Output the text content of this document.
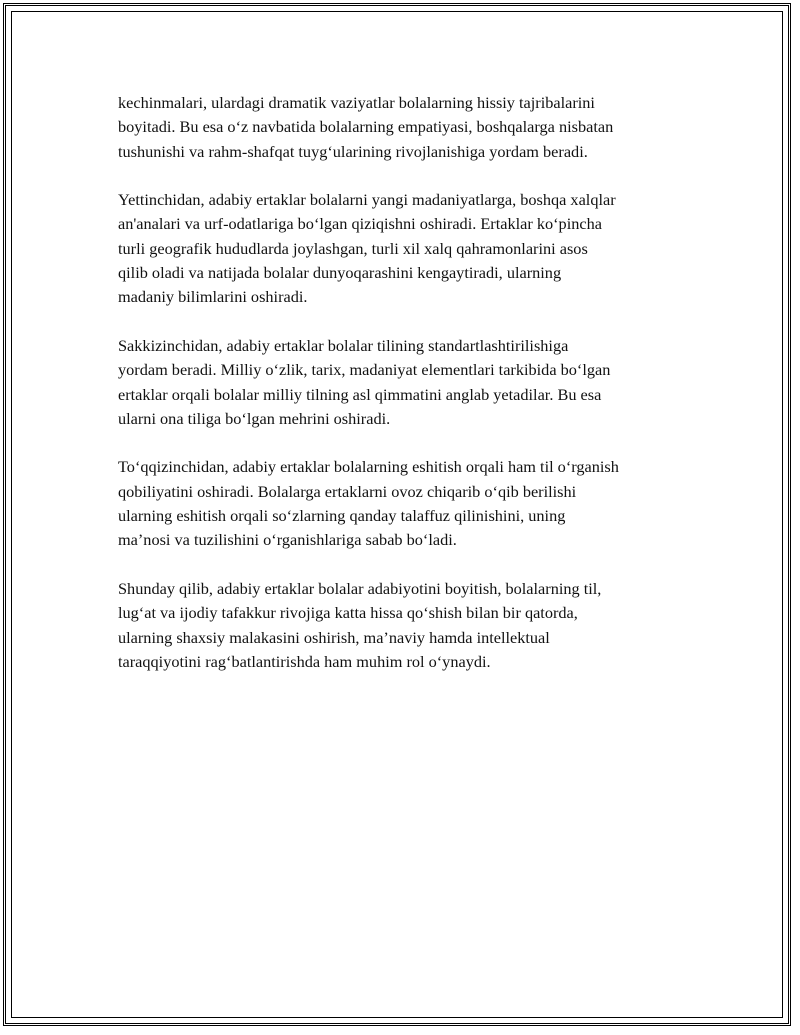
kechinmalari, ulardagi dramatik vaziyatlar bolalarning hissiy tajribalarini
boyitadi. Bu esa o‘z navbatida bolalarning empatiyasi, boshqalarga nisbatan
tushunishi va rahm-shafqat tuyg‘ularining rivojlanishiga yordam beradi.

Yettinchidan, adabiy ertaklar bolalarni yangi madaniyatlarga, boshqa xalqlar
an'analari va urf-odatlariga bo‘lgan qiziqishni oshiradi. Ertaklar ko‘pincha
turli geografik hududlarda joylashgan, turli xil xalq qahramonlarini asos
qilib oladi va natijada bolalar dunyoqarashini kengaytiradi, ularning
madaniy bilimlarini oshiradi.

Sakkizinchidan, adabiy ertaklar bolalar tilining standartlashtirilishiga
yordam beradi. Milliy o‘zlik, tarix, madaniyat elementlari tarkibida bo‘lgan
ertaklar orqali bolalar milliy tilning asl qimmatini anglab yetadilar. Bu esa
ularni ona tiliga bo‘lgan mehrini oshiradi.

To‘qqizinchidan, adabiy ertaklar bolalarning eshitish orqali ham til o‘rganish
qobiliyatini oshiradi. Bolalarga ertaklarni ovoz chiqarib o‘qib berilishi
ularning eshitish orqali so‘zlarning qanday talaffuz qilinishini, uning
ma’nosi va tuzilishini o‘rganishlariga sabab bo‘ladi.

Shunday qilib, adabiy ertaklar bolalar adabiyotini boyitish, bolalarning til,
lug‘at va ijodiy tafakkur rivojiga katta hissa qo‘shish bilan bir qatorda,
ularning shaxsiy malakasini oshirish, ma’naviy hamda intellektual
taraqqiyotini rag‘batlantirishda ham muhim rol o‘ynaydi.
